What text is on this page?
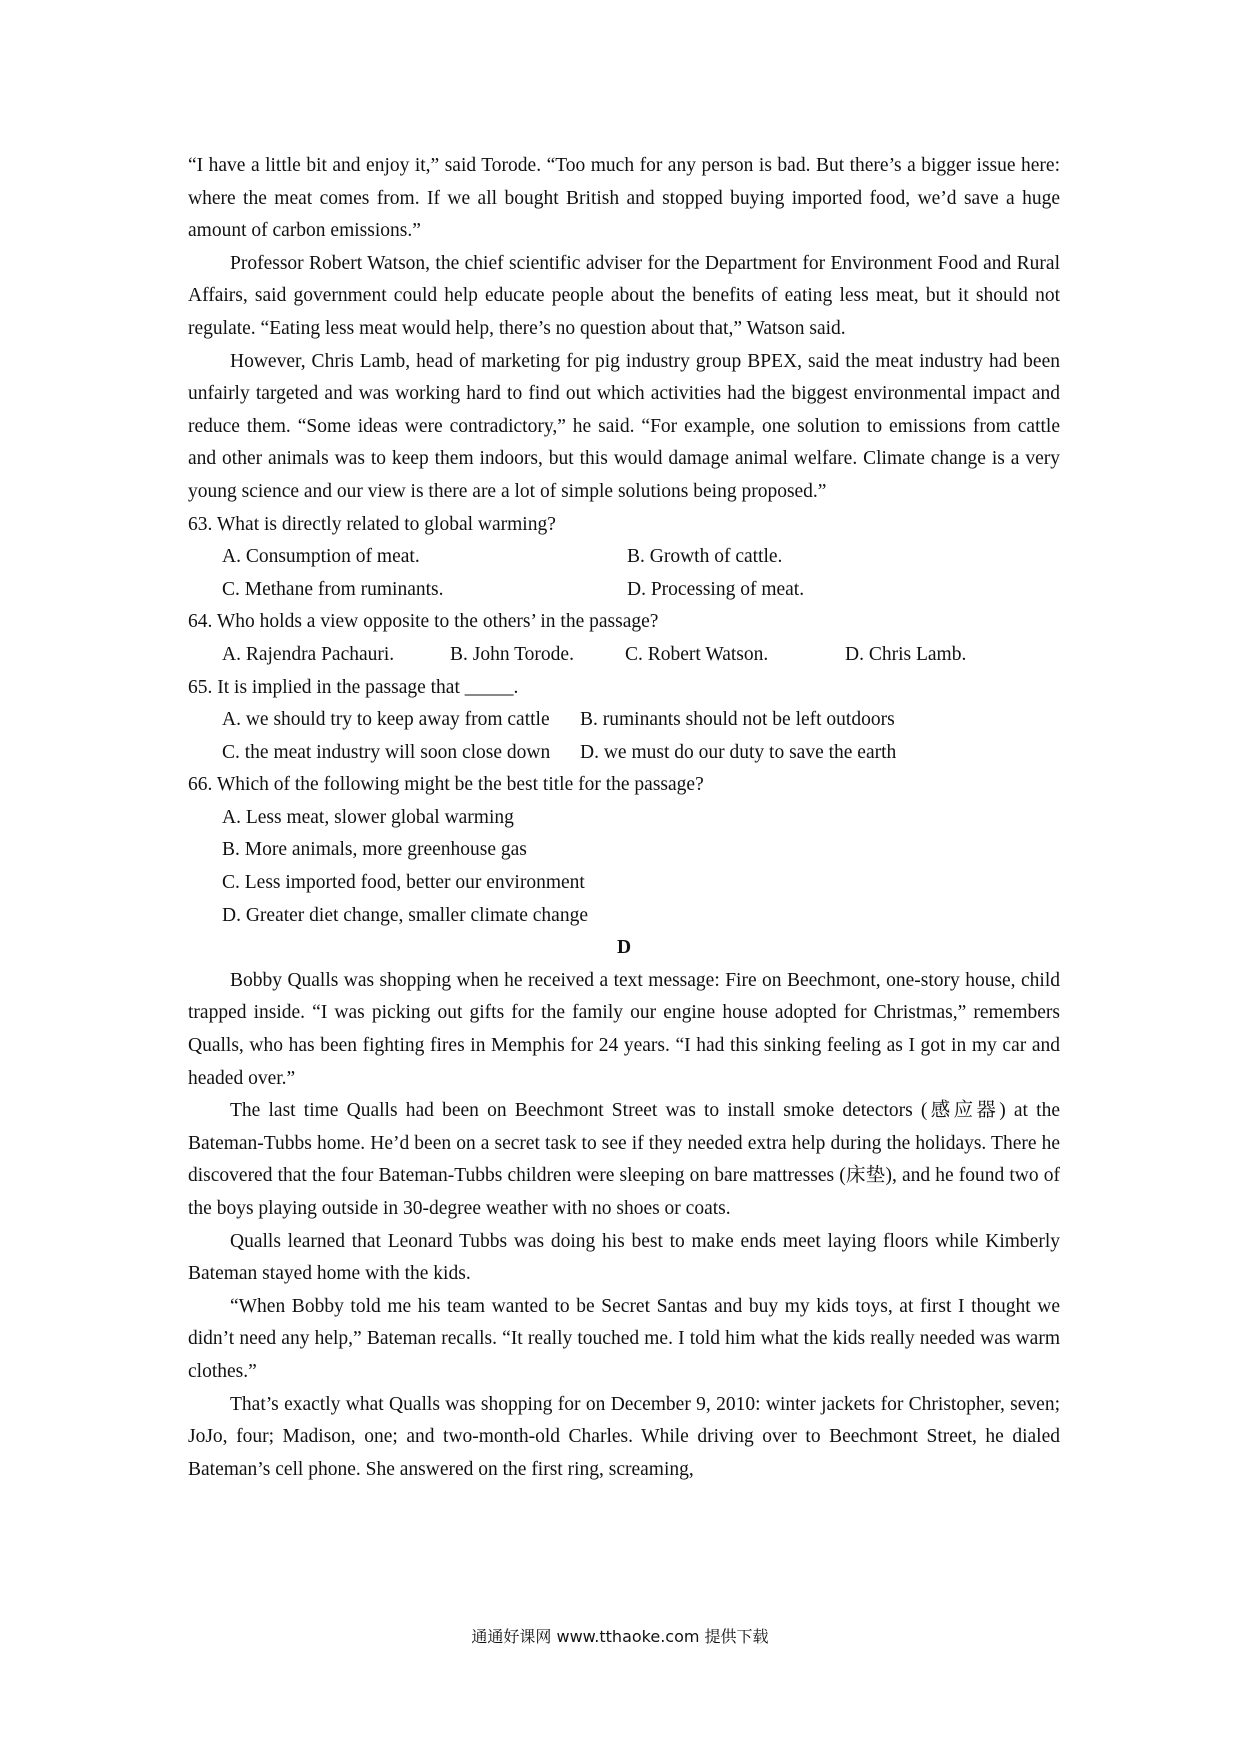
“I have a little bit and enjoy it,” said Torode. “Too much for any person is bad. But there’s a bigger issue here: where the meat comes from. If we all bought British and stopped buying imported food, we’d save a huge amount of carbon emissions.”

Professor Robert Watson, the chief scientific adviser for the Department for Environment Food and Rural Affairs, said government could help educate people about the benefits of eating less meat, but it should not regulate. “Eating less meat would help, there’s no question about that,” Watson said.

However, Chris Lamb, head of marketing for pig industry group BPEX, said the meat industry had been unfairly targeted and was working hard to find out which activities had the biggest environmental impact and reduce them. “Some ideas were contradictory,” he said. “For example, one solution to emissions from cattle and other animals was to keep them indoors, but this would damage animal welfare. Climate change is a very young science and our view is there are a lot of simple solutions being proposed.”

63. What is directly related to global warming?

A. Consumption of meat.	B. Growth of cattle.
C. Methane from ruminants.	D. Processing of meat.

64. Who holds a view opposite to the others’ in the passage?

A. Rajendra Pachauri.	B. John Torode.	C. Robert Watson.	D. Chris Lamb.

65. It is implied in the passage that _____.

A. we should try to keep away from cattle	B. ruminants should not be left outdoors
C. the meat industry will soon close down	D. we must do our duty to save the earth

66. Which of the following might be the best title for the passage?

A. Less meat, slower global warming
B. More animals, more greenhouse gas
C. Less imported food, better our environment
D. Greater diet change, smaller climate change

D

Bobby Qualls was shopping when he received a text message: Fire on Beechmont, one-story house, child trapped inside. “I was picking out gifts for the family our engine house adopted for Christmas,” remembers Qualls, who has been fighting fires in Memphis for 24 years. “I had this sinking feeling as I got in my car and headed over.”

The last time Qualls had been on Beechmont Street was to install smoke detectors (感应器) at the Bateman-Tubbs home. He’d been on a secret task to see if they needed extra help during the holidays. There he discovered that the four Bateman-Tubbs children were sleeping on bare mattresses (床垫), and he found two of the boys playing outside in 30-degree weather with no shoes or coats.

Qualls learned that Leonard Tubbs was doing his best to make ends meet laying floors while Kimberly Bateman stayed home with the kids.

“When Bobby told me his team wanted to be Secret Santas and buy my kids toys, at first I thought we didn’t need any help,” Bateman recalls. “It really touched me. I told him what the kids really needed was warm clothes.”

That’s exactly what Qualls was shopping for on December 9, 2010: winter jackets for Christopher, seven; JoJo, four; Madison, one; and two-month-old Charles. While driving over to Beechmont Street, he dialed Bateman’s cell phone. She answered on the first ring, screaming,

通通好课网 www.tthaoke.com 提供下载
